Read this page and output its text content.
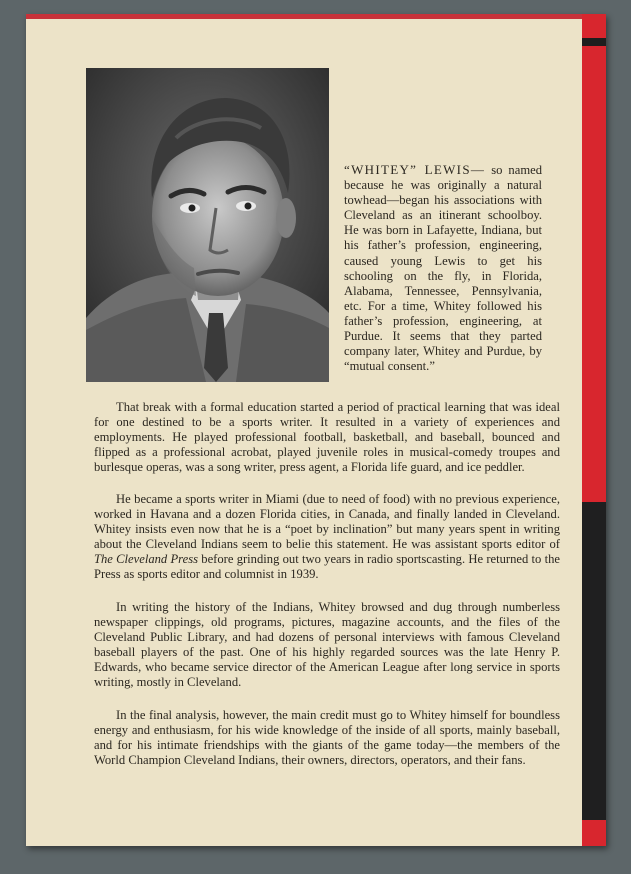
“WHITEY” LEWIS— so named because he was originally a natural towhead—began his associations with Cleveland as an itinerant schoolboy. He was born in Lafayette, Indiana, but his father’s profession, engineering, caused young Lewis to get his schooling on the fly, in Florida, Alabama, Tennessee, Pennsylvania, etc. For a time, Whitey followed his father’s profession, engineering, at Purdue. It seems that they parted company later, Whitey and Purdue, by “mutual consent.”
That break with a formal education started a period of practical learning that was ideal for one destined to be a sports writer. It resulted in a variety of experiences and employments. He played professional football, basketball, and baseball, bounced and flipped as a professional acrobat, played juvenile roles in musical-comedy troupes and burlesque operas, was a song writer, press agent, a Florida life guard, and ice peddler.
He became a sports writer in Miami (due to need of food) with no previous experience, worked in Havana and a dozen Florida cities, in Canada, and finally landed in Cleveland. Whitey insists even now that he is a “poet by inclination” but many years spent in writing about the Cleveland Indians seem to belie this statement. He was assistant sports editor of The Cleveland Press before grinding out two years in radio sportscasting. He returned to the Press as sports editor and columnist in 1939.
In writing the history of the Indians, Whitey browsed and dug through numberless newspaper clippings, old programs, pictures, magazine accounts, and the files of the Cleveland Public Library, and had dozens of personal interviews with famous Cleveland baseball players of the past. One of his highly regarded sources was the late Henry P. Edwards, who became service director of the American League after long service in sports writing, mostly in Cleveland.
In the final analysis, however, the main credit must go to Whitey himself for boundless energy and enthusiasm, for his wide knowledge of the inside of all sports, mainly baseball, and for his intimate friendships with the giants of the game today—the members of the World Champion Cleveland Indians, their owners, directors, operators, and their fans.
